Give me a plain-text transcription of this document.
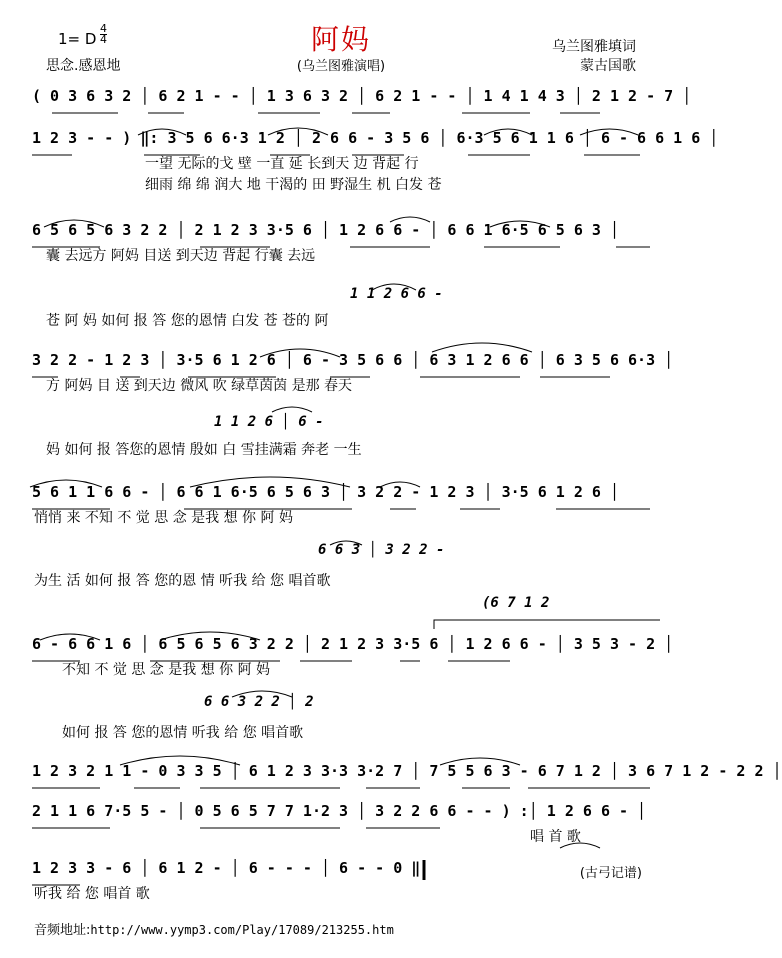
阿妈
1= D
4
4
思念.感恩地	(乌兰图雅演唱)
乌兰图雅填词
蒙古国歌
( 0 3 6 3 2 │ 6 2 1 - - │ 1 3 6 3 2 │ 6 2 1 - - │ 1 4 1 4 3 │ 2 1 2 - 7 │
1 2 3 - - ) ‖: 3 5 6 6·3 1 2 │ 2 6 6 - 3 5 6 │ 6·3 5 6 1 1 6 │ 6 - 6 6 1 6 │
6 5 6 5 6 3 2 2 │ 2 1 2 3 3·5 6 │ 1 2 6 6 - │ 6 6 1 6·5 6 5 6 3 │
3 2 2 - 1 2 3 │ 3·5 6 1 2 6 │ 6 - 3 5 6 6 │ 6 3 1 2 6 6 │ 6 3 5 6 6·3 │
5 6 1 1 6 6 - │ 6 6 1 6·5 6 5 6 3 │ 3 2 2 - 1 2 3 │ 3·5 6 1 2 6 │
6 - 6 6 1 6 │ 6 5 6 5 6 3 2 2 │ 2 1 2 3 3·5 6 │ 1 2 6 6 - │ 3 5 3 - 2 │
1 2 3 2 1 1 - 0 3 3 5 │ 6 1 2 3 3·3 3·2 7 │ 7 5 5 6 3 - 6 7 1 2 │ 3 6 7 1 2 - 2 2 │
2 1 1 6 7·5 5 - │ 0 5 6 5 7 7 1·2 3 │ 3 2 2 6 6 - - ) :│ 1 2 6 6 - │
1 2 3 3 - 6 │ 6 1 2 - │ 6 - - - │ 6 - - 0 ‖
1 1 2 6 6 -
1 1 2 6 │ 6 -
6 6 3 │ 3 2 2 -
(6 7 1 2
6 6 3 2 2 │ 2
一望 无际的戈 壁 一直 延 长到天 边 背起 行
细雨 绵 绵 润大 地 干渴的 田 野湿生 机 白发 苍
囊 去远方 阿妈 目送 到天边 背起 行囊 去远
苍 阿 妈 如何 报 答 您的恩情 白发 苍 苍的 阿
方 阿妈 目 送 到天边 微风 吹 绿草茵茵 是那 春天
妈 如何 报 答您的恩情 殷如 白 雪挂满霜 奔老 一生
悄悄 来 不知 不 觉 思 念 是我 想 你 阿 妈
为生 活 如何 报 答 您的恩 情 听我 给 您 唱首歌
不知 不 觉 思 念 是我 想 你 阿 妈
如何 报 答 您的恩情 听我 给 您 唱首歌
唱 首 歌
听我 给 您 唱首 歌
(古弓记谱)
音频地址:http://www.yymp3.com/Play/17089/213255.htm
